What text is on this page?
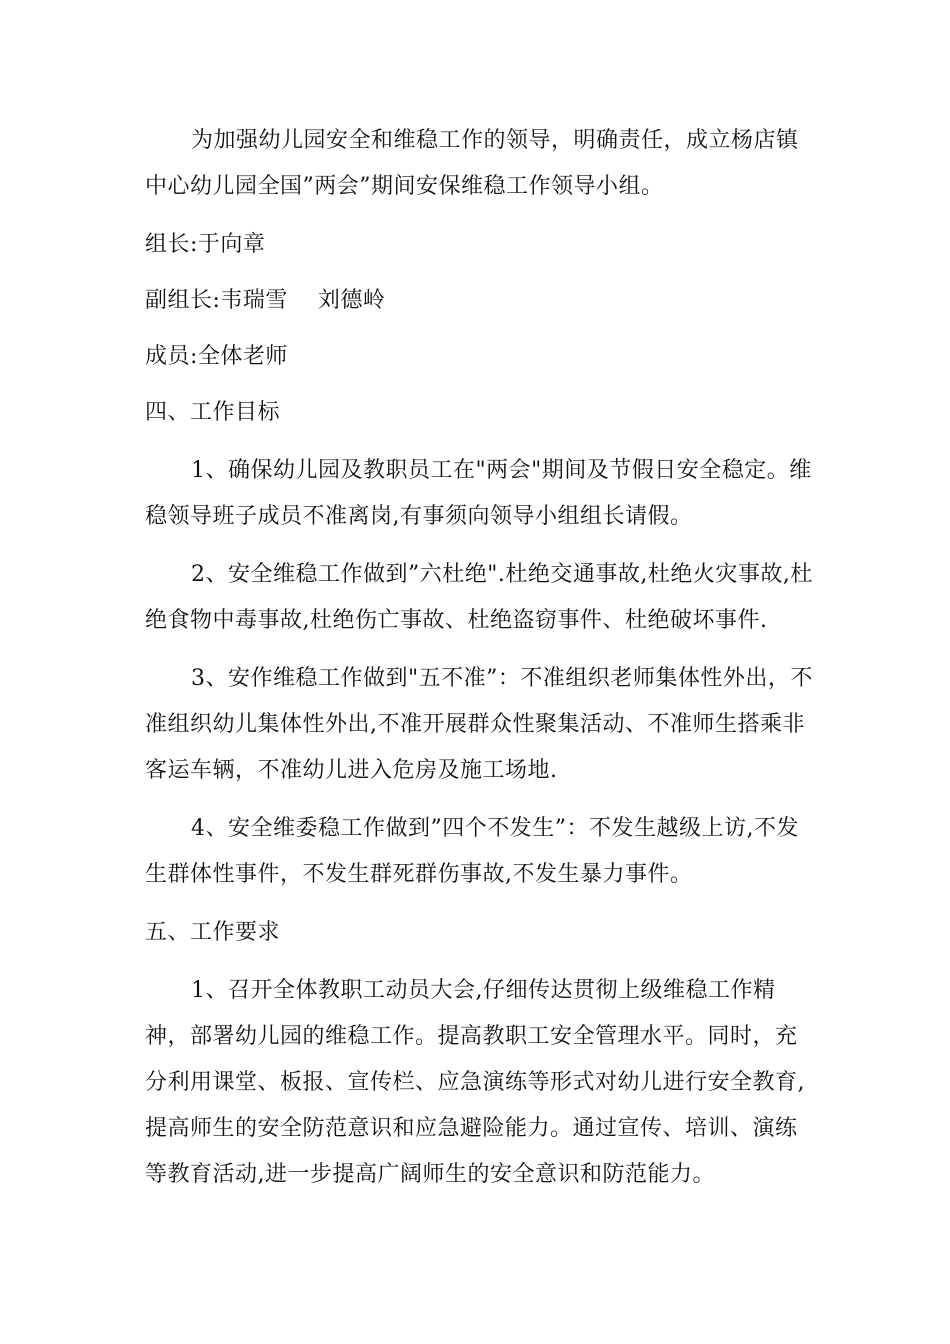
为加强幼儿园安全和维稳工作的领导，明确责任，成立杨店镇中心幼儿园全国”两会”期间安保维稳工作领导小组。

组长:于向章

副组长:韦瑞雪　 刘德岭

成员:全体老师

四、工作目标

1、确保幼儿园及教职员工在"两会"期间及节假日安全稳定。维稳领导班子成员不准离岗,有事须向领导小组组长请假。

2、安全维稳工作做到”六杜绝".杜绝交通事故,杜绝火灾事故,杜绝食物中毒事故,杜绝伤亡事故、杜绝盗窃事件、杜绝破坏事件.

3、安作维稳工作做到"五不准”：不准组织老师集体性外出，不准组织幼儿集体性外出,不准开展群众性聚集活动、不准师生搭乘非客运车辆，不准幼儿进入危房及施工场地.

4、安全维委稳工作做到”四个不发生”：不发生越级上访,不发生群体性事件，不发生群死群伤事故,不发生暴力事件。

五、工作要求

1、召开全体教职工动员大会,仔细传达贯彻上级维稳工作精神，部署幼儿园的维稳工作。提高教职工安全管理水平。同时，充分利用课堂、板报、宣传栏、应急演练等形式对幼儿进行安全教育,提高师生的安全防范意识和应急避险能力。通过宣传、培训、演练等教育活动,进一步提高广阔师生的安全意识和防范能力。
